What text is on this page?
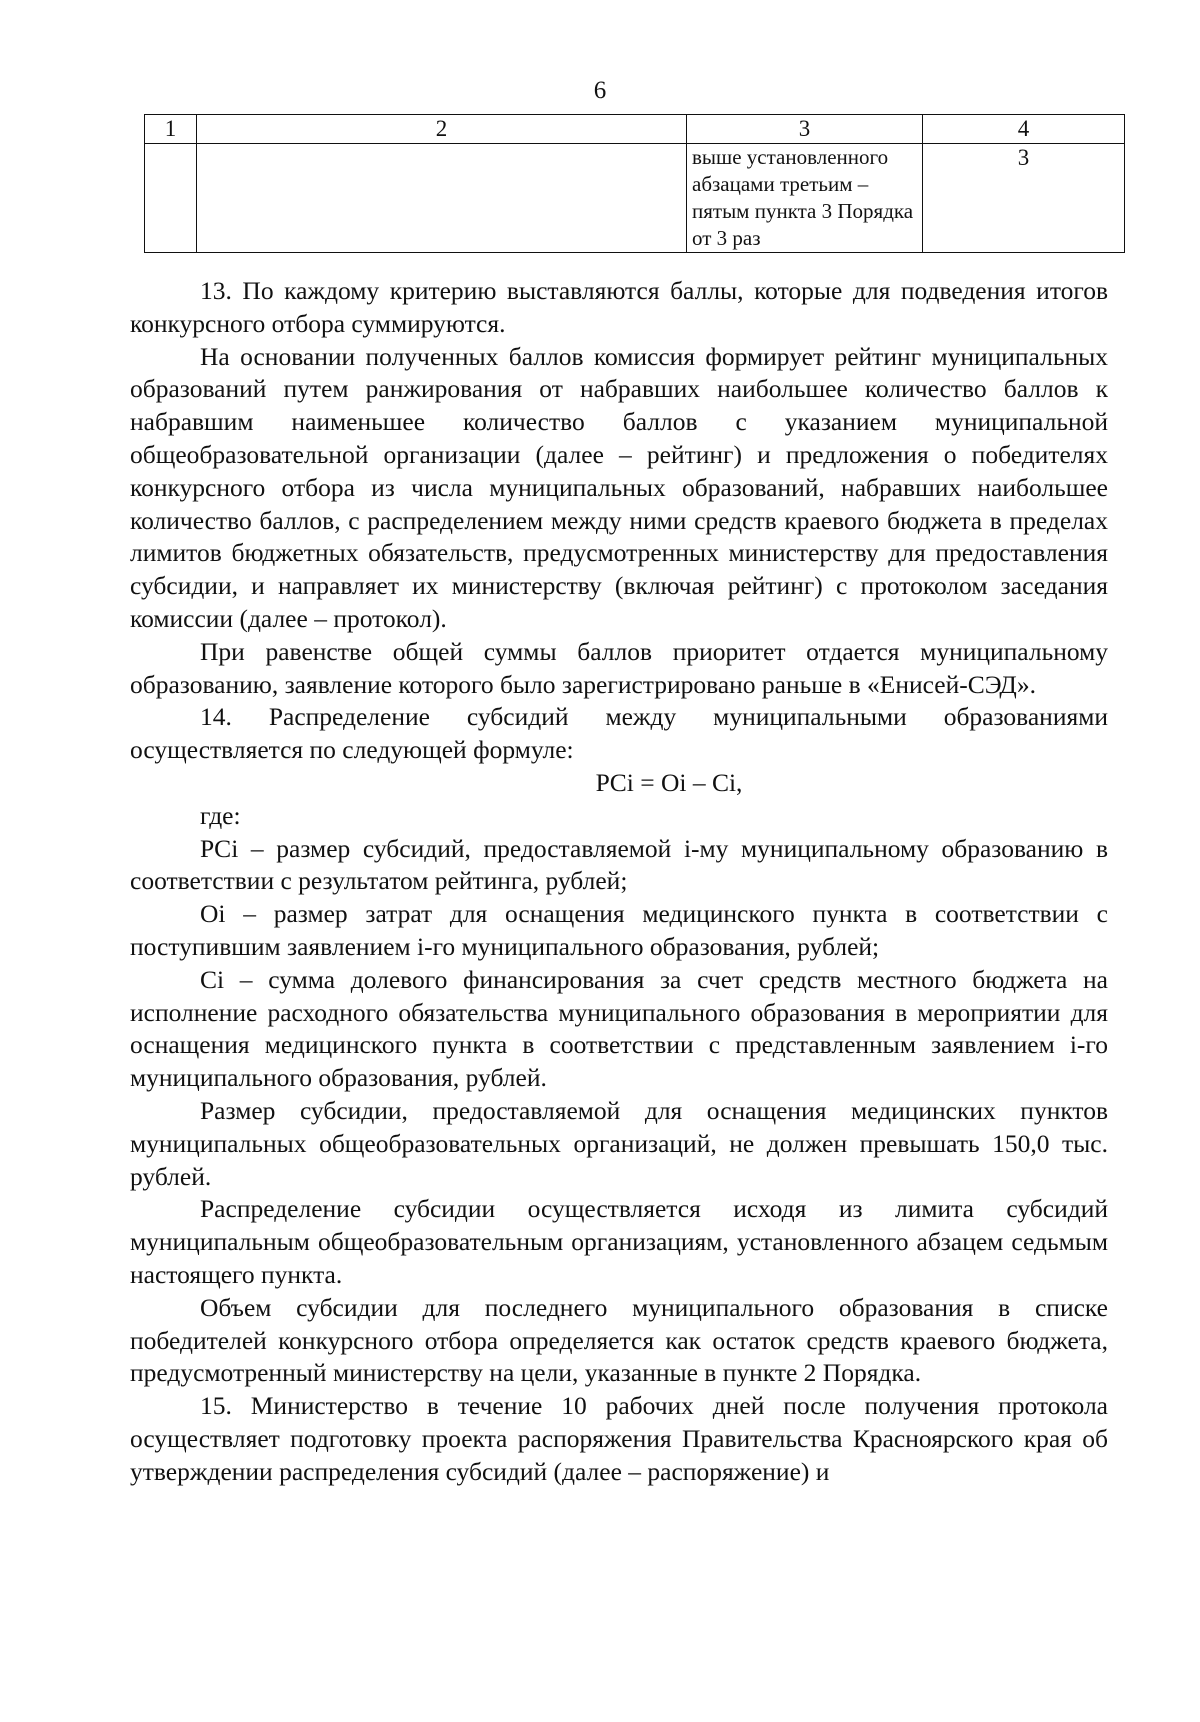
6
1	2	3	4
		выше установленного абзацами третьим – пятым пункта 3 Порядка от 3 раз	3

13. По каждому критерию выставляются баллы, которые для подведения итогов конкурсного отбора суммируются.

На основании полученных баллов комиссия формирует рейтинг муниципальных образований путем ранжирования от набравших наибольшее количество баллов к набравшим наименьшее количество баллов с указанием муниципальной общеобразовательной организации (далее – рейтинг) и предложения о победителях конкурсного отбора из числа муниципальных образований, набравших наибольшее количество баллов, с распределением между ними средств краевого бюджета в пределах лимитов бюджетных обязательств, предусмотренных министерству для предоставления субсидии, и направляет их министерству (включая рейтинг) с протоколом заседания комиссии (далее – протокол).

При равенстве общей суммы баллов приоритет отдается муниципальному образованию, заявление которого было зарегистрировано раньше в «Енисей-СЭД».

14. Распределение субсидий между муниципальными образованиями осуществляется по следующей формуле:

PCi = Oi – Ci,

где:

PCi – размер субсидий, предоставляемой i-му муниципальному образованию в соответствии с результатом рейтинга, рублей;

Oi – размер затрат для оснащения медицинского пункта в соответствии с поступившим заявлением i-го муниципального образования, рублей;

Ci – сумма долевого финансирования за счет средств местного бюджета на исполнение расходного обязательства муниципального образования в мероприятии для оснащения медицинского пункта в соответствии с представленным заявлением i-го муниципального образования, рублей.

Размер субсидии, предоставляемой для оснащения медицинских пунктов муниципальных общеобразовательных организаций, не должен превышать 150,0 тыс. рублей.

Распределение субсидии осуществляется исходя из лимита субсидий муниципальным общеобразовательным организациям, установленного абзацем седьмым настоящего пункта.

Объем субсидии для последнего муниципального образования в списке победителей конкурсного отбора определяется как остаток средств краевого бюджета, предусмотренный министерству на цели, указанные в пункте 2 Порядка.

15. Министерство в течение 10 рабочих дней после получения протокола осуществляет подготовку проекта распоряжения Правительства Красноярского края об утверждении распределения субсидий (далее – распоряжение) и
